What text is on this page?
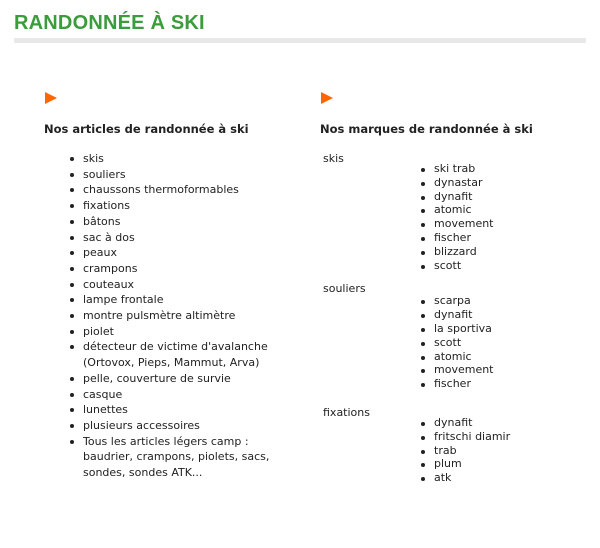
RANDONNÉE À SKI
Nos articles de randonnée à ski
skis
souliers
chaussons thermoformables
fixations
bâtons
sac à dos
peaux
crampons
couteaux
lampe frontale
montre pulsmètre altimètre
piolet
détecteur de victime d'avalanche (Ortovox, Pieps, Mammut, Arva)
pelle, couverture de survie
casque
lunettes
plusieurs accessoires
Tous les articles légers camp : baudrier, crampons, piolets, sacs, sondes, sondes ATK...
Nos marques de randonnée à ski
skis
ski trab
dynastar
dynafit
atomic
movement
fischer
blizzard
scott
souliers
scarpa
dynafit
la sportiva
scott
atomic
movement
fischer
fixations
dynafit
fritschi diamir
trab
plum
atk
